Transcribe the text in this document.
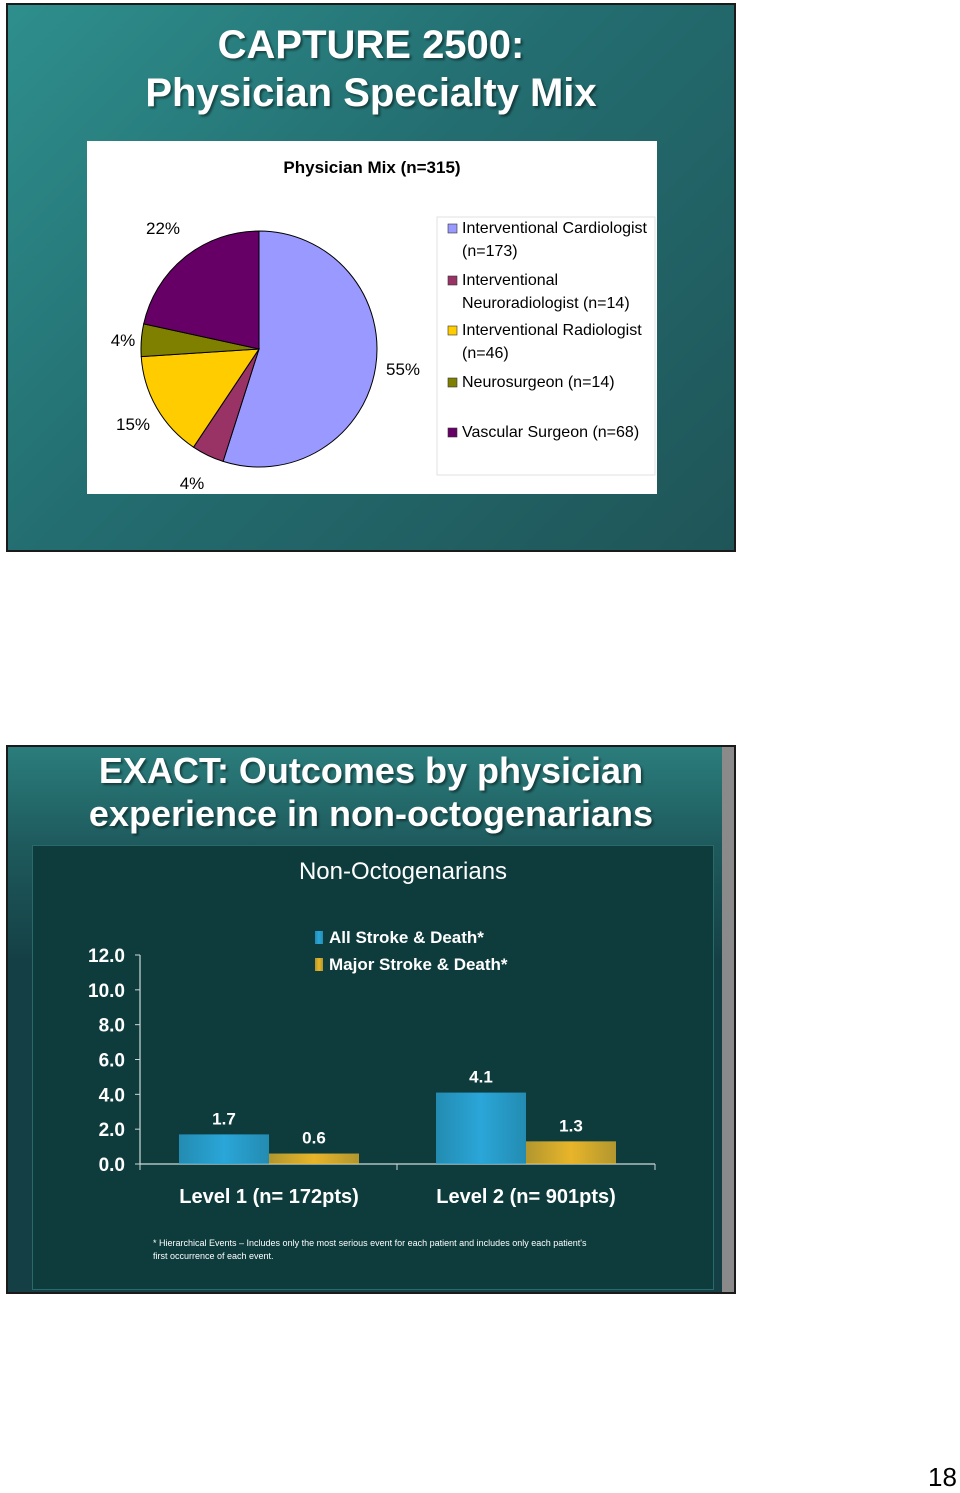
CAPTURE 2500:
Physician Specialty Mix
Physician Mix (n=315)
55%
4%
15%
4%
22%	Interventional Cardiologist
(n=173)
Interventional
Neuroradiologist (n=14)
Interventional Radiologist
(n=46)
Neurosurgeon (n=14)
Vascular Surgeon (n=68)
EXACT: Outcomes by physician
experience in non-octogenarians
Non-Octogenarians
0.0
2.0
4.0
6.0
8.0
10.0
12.0
1.7
0.6
Level 1 (n= 172pts)
4.1
1.3
Level 2 (n= 901pts)
All Stroke & Death*
Major Stroke & Death*
* Hierarchical Events – Includes only the most serious event for each patient and includes only each patient's
first occurrence of each event.
18
